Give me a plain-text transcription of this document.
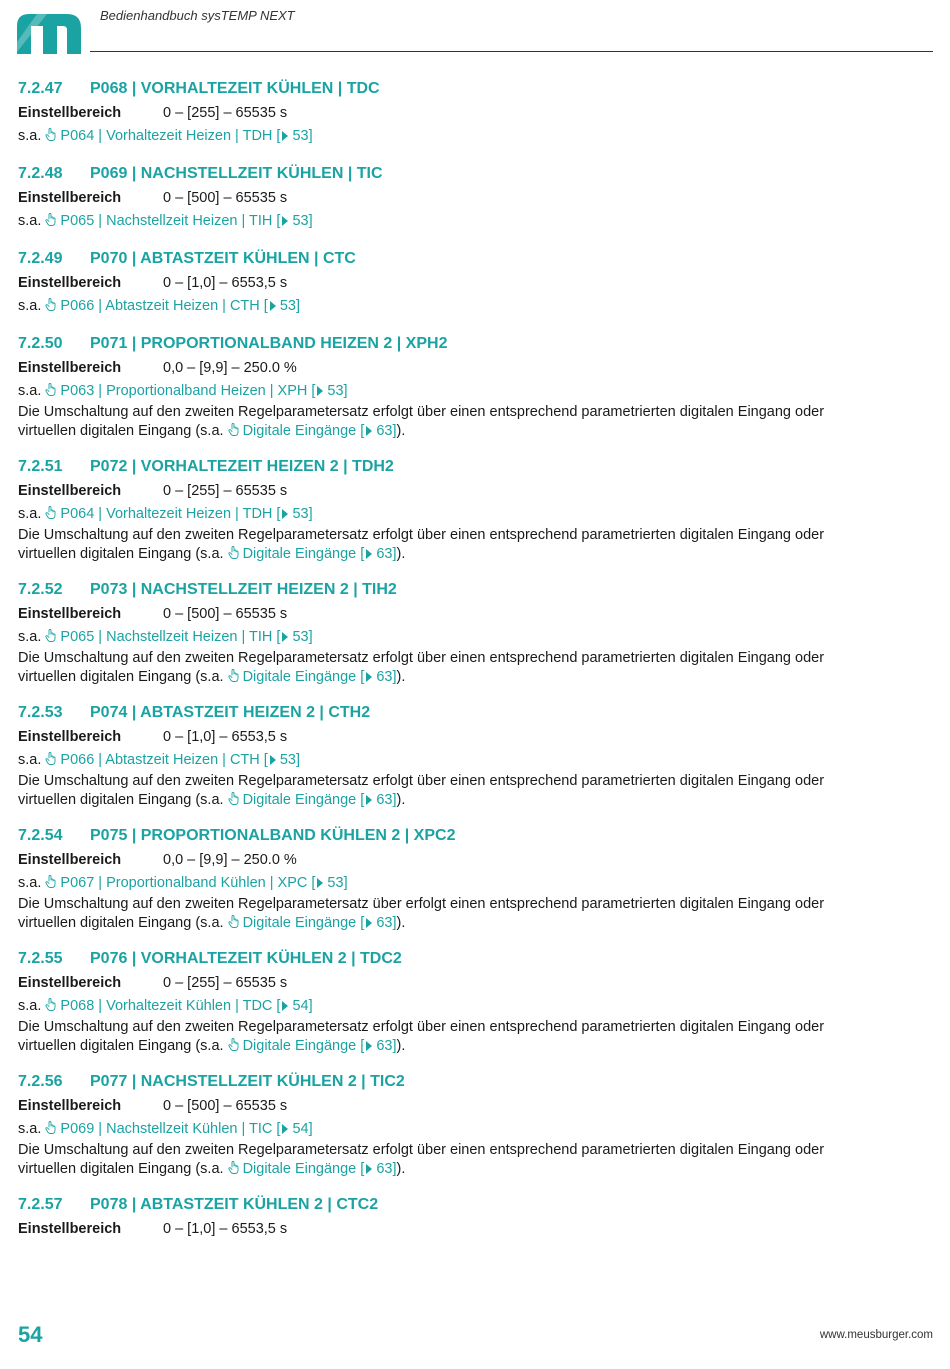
Bedienhandbuch sysTEMP NEXT
7.2.47 P068 | VORHALTEZEIT KÜHLEN | TDC
Einstellbereich	0 – [255] – 65535 s
s.a. P064 | Vorhaltezeit Heizen | TDH [ 53]
7.2.48 P069 | NACHSTELLZEIT KÜHLEN | TIC
Einstellbereich	0 – [500] – 65535 s
s.a. P065 | Nachstellzeit Heizen | TIH [ 53]
7.2.49 P070 | ABTASTZEIT KÜHLEN | CTC
Einstellbereich	0 – [1,0] – 6553,5 s
s.a. P066 | Abtastzeit Heizen | CTH [ 53]
7.2.50 P071 | PROPORTIONALBAND HEIZEN 2 | XPH2
Einstellbereich	0,0 – [9,9] – 250.0 %
s.a. P063 | Proportionalband Heizen | XPH [ 53]
Die Umschaltung auf den zweiten Regelparametersatz erfolgt über einen entsprechend parametrierten digitalen Eingang oder
virtuellen digitalen Eingang (s.a. Digitale Eingänge [ 63]).
7.2.51 P072 | VORHALTEZEIT HEIZEN 2 | TDH2
Einstellbereich	0 – [255] – 65535 s
s.a. P064 | Vorhaltezeit Heizen | TDH [ 53]
Die Umschaltung auf den zweiten Regelparametersatz erfolgt über einen entsprechend parametrierten digitalen Eingang oder
virtuellen digitalen Eingang (s.a. Digitale Eingänge [ 63]).
7.2.52 P073 | NACHSTELLZEIT HEIZEN 2 | TIH2
Einstellbereich	0 – [500] – 65535 s
s.a. P065 | Nachstellzeit Heizen | TIH [ 53]
Die Umschaltung auf den zweiten Regelparametersatz erfolgt über einen entsprechend parametrierten digitalen Eingang oder
virtuellen digitalen Eingang (s.a. Digitale Eingänge [ 63]).
7.2.53 P074 | ABTASTZEIT HEIZEN 2 | CTH2
Einstellbereich	0 – [1,0] – 6553,5 s
s.a. P066 | Abtastzeit Heizen | CTH [ 53]
Die Umschaltung auf den zweiten Regelparametersatz erfolgt über einen entsprechend parametrierten digitalen Eingang oder
virtuellen digitalen Eingang (s.a. Digitale Eingänge [ 63]).
7.2.54 P075 | PROPORTIONALBAND KÜHLEN 2 | XPC2
Einstellbereich	0,0 – [9,9] – 250.0 %
s.a. P067 | Proportionalband Kühlen | XPC [ 53]
Die Umschaltung auf den zweiten Regelparametersatz über erfolgt einen entsprechend parametrierten digitalen Eingang oder
virtuellen digitalen Eingang (s.a. Digitale Eingänge [ 63]).
7.2.55 P076 | VORHALTEZEIT KÜHLEN 2 | TDC2
Einstellbereich	0 – [255] – 65535 s
s.a. P068 | Vorhaltezeit Kühlen | TDC [ 54]
Die Umschaltung auf den zweiten Regelparametersatz erfolgt über einen entsprechend parametrierten digitalen Eingang oder
virtuellen digitalen Eingang (s.a. Digitale Eingänge [ 63]).
7.2.56 P077 | NACHSTELLZEIT KÜHLEN 2 | TIC2
Einstellbereich	0 – [500] – 65535 s
s.a. P069 | Nachstellzeit Kühlen | TIC [ 54]
Die Umschaltung auf den zweiten Regelparametersatz erfolgt über einen entsprechend parametrierten digitalen Eingang oder
virtuellen digitalen Eingang (s.a. Digitale Eingänge [ 63]).
7.2.57 P078 | ABTASTZEIT KÜHLEN 2 | CTC2
Einstellbereich	0 – [1,0] – 6553,5 s
54	www.meusburger.com
